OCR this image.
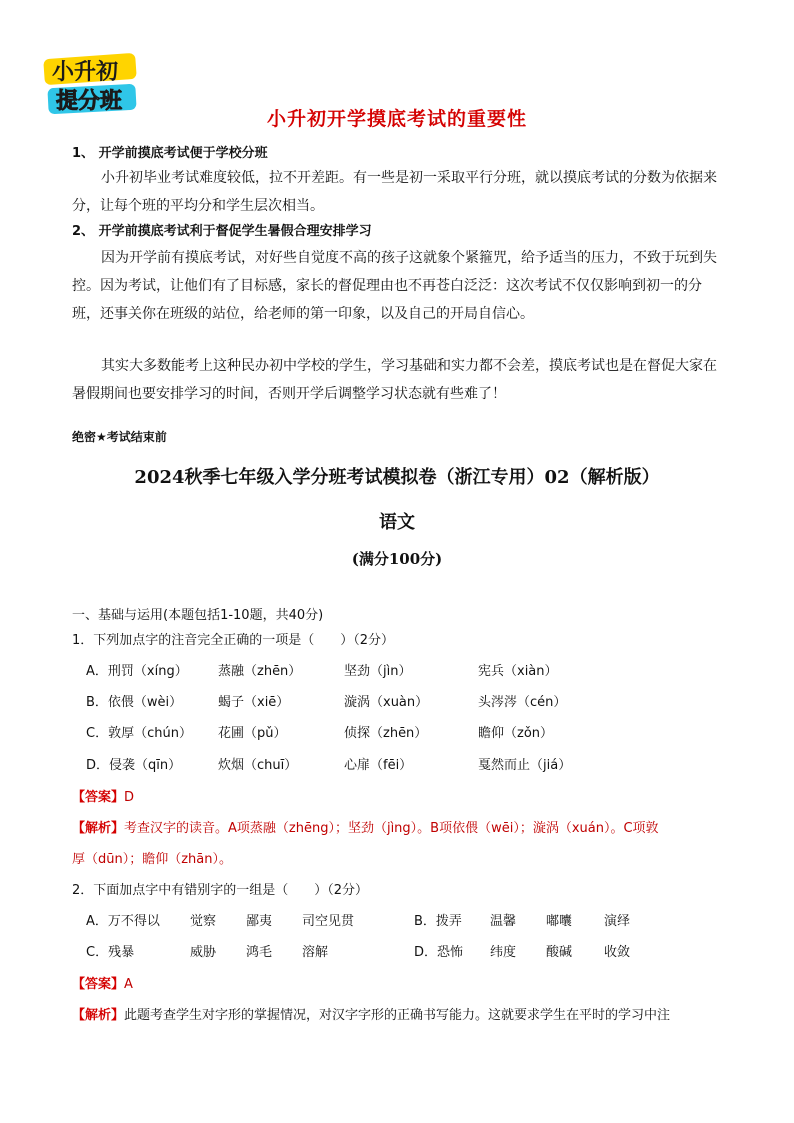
小升初
提分班
小升初开学摸底考试的重要性
1、 开学前摸底考试便于学校分班
小升初毕业考试难度较低，拉不开差距。有一些是初一采取平行分班，就以摸底考试的分数为依据来分，让每个班的平均分和学生层次相当。
2、 开学前摸底考试利于督促学生暑假合理安排学习
因为开学前有摸底考试，对好些自觉度不高的孩子这就象个紧箍咒，给予适当的压力，不致于玩到失控。因为考试，让他们有了目标感，家长的督促理由也不再苍白泛泛：这次考试不仅仅影响到初一的分班，还事关你在班级的站位，给老师的第一印象，以及自己的开局自信心。
其实大多数能考上这种民办初中学校的学生，学习基础和实力都不会差，摸底考试也是在督促大家在暑假期间也要安排学习的时间，否则开学后调整学习状态就有些难了！
绝密★考试结束前
2024秋季七年级入学分班考试模拟卷（浙江专用）02（解析版）
语文
(满分100分)
一、基础与运用(本题包括1-10题，共40分)
1．下列加点字的注音完全正确的一项是（　　）（2分）
A．刑罚（xíng） 蒸融（zhēn）	坚劲（jìn）	宪兵（xiàn）
B．依偎（wèi）	蝎子（xiē）	漩涡（xuàn）	头涔涔（cén）
C．敦厚（chún） 花圃（pǔ）	侦探（zhēn）	瞻仰（zǒn）
D．侵袭（qīn）	炊烟（chuī）	心扉（fēi）	戛然而止（jiá）
【答案】D
【解析】考查汉字的读音。A项蒸融（zhēng）；坚劲（jìng）。B项依偎（wēi）；漩涡（xuán）。C项敦
厚（dūn）；瞻仰（zhān）。
2．下面加点字中有错别字的一组是（　　）（2分）
A．万不得以 觉察 鄙夷 司空见贯	B．拨弄 温馨 嘟囔 演绎
C．残暴	威胁 鸿毛 溶解	D．恐怖 纬度 酸碱 收敛
【答案】A
【解析】此题考查学生对字形的掌握情况，对汉字字形的正确书写能力。这就要求学生在平时的学习中注
